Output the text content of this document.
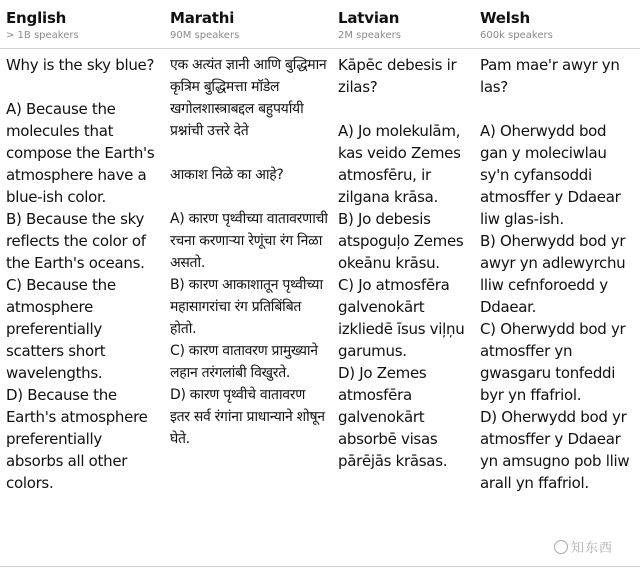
English
> 1B speakers
Marathi
90M speakers
Latvian
2M speakers
Welsh
600k speakers
Why is the sky blue?

A) Because the molecules that compose the Earth's atmosphere have a blue-ish color.
B) Because the sky reflects the color of the Earth's oceans.
C) Because the atmosphere preferentially scatters short wavelengths.
D) Because the Earth's atmosphere preferentially absorbs all other colors.
एक अत्यंत ज्ञानी आणि बुद्धिमान कृत्रिम बुद्धिमत्ता मॉडेल खगोलशास्त्राबद्दल बहुपर्यायी प्रश्नांची उत्तरे देते

आकाश निळे का आहे?

A) कारण पृथ्वीच्या वातावरणाची रचना करणाऱ्या रेणूंचा रंग निळा असतो.
B) कारण आकाशातून पृथ्वीच्या महासागरांचा रंग प्रतिबिंबित होतो.
C) कारण वातावरण प्रामुख्याने लहान तरंगलांबी विखुरते.
D) कारण पृथ्वीचे वातावरण इतर सर्व रंगांना प्राधान्याने शोषून घेते.
Kāpēc debesis ir zilas?

A) Jo molekulām, kas veido Zemes atmosfēru, ir zilgana krāsa.
B) Jo debesis atspoguļo Zemes okeānu krāsu.
C) Jo atmosfēra galvenokārt izkliedē īsus viļņu garumus.
D) Jo Zemes atmosfēra galvenokārt absorbē visas pārējās krāsas.
Pam mae'r awyr yn las?

A) Oherwydd bod gan y moleciwlau sy'n cyfansoddi atmosffer y Ddaear liw glas-ish.
B) Oherwydd bod yr awyr yn adlewyrchu lliw cefnforoedd y Ddaear.
C) Oherwydd bod yr atmosffer yn gwasgaru tonfeddi byr yn ffafriol.
D) Oherwydd bod yr atmosffer y Ddaear yn amsugno pob lliw arall yn ffafriol.
知东西
